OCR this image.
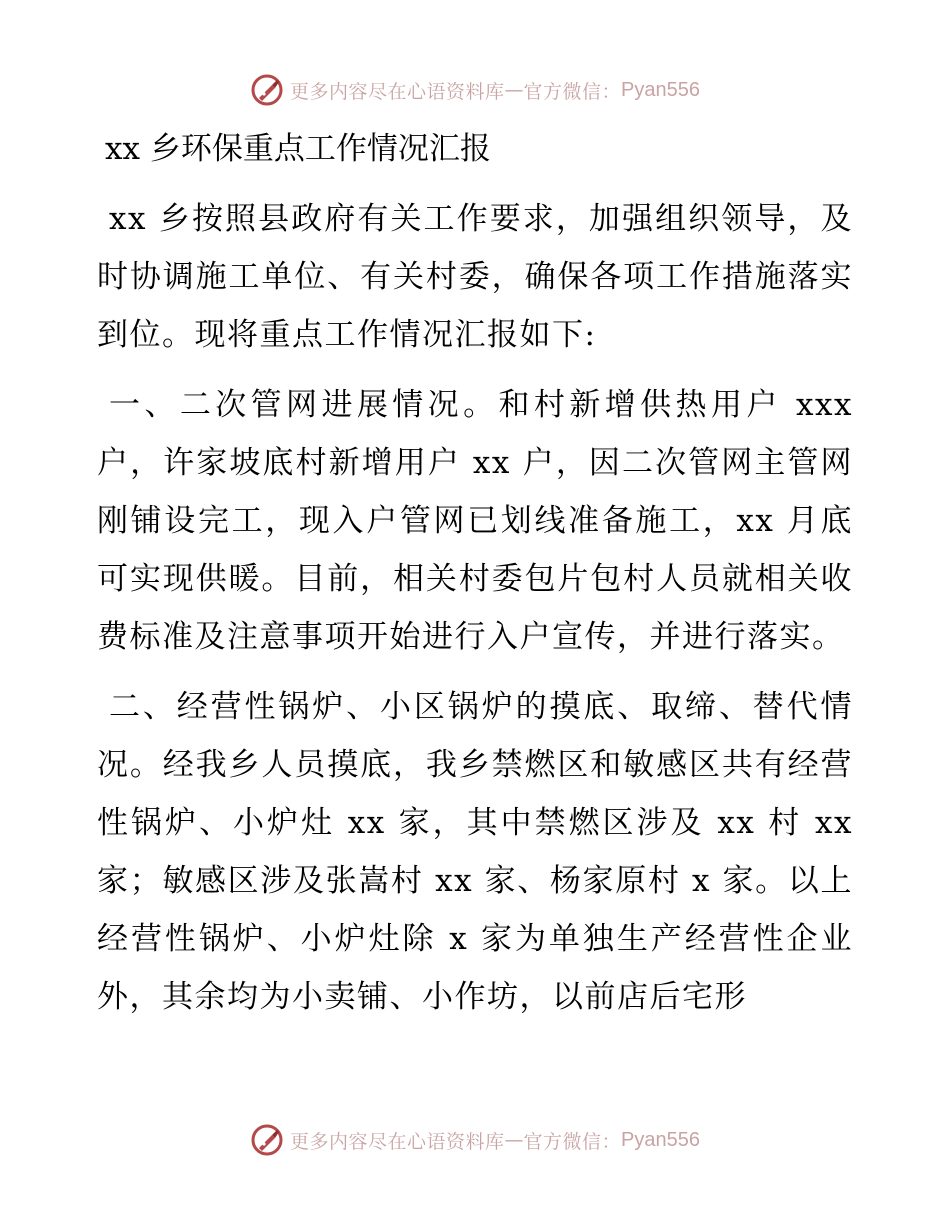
更多内容尽在心语资料库 — 官方微信： Pyan556
xx 乡环保重点工作情况汇报

xx 乡按照县政府有关工作要求，加强组织领导，及时协调施工单位、有关村委，确保各项工作措施落实到位。现将重点工作情况汇报如下:

一、二次管网进展情况。和村新增供热用户 xxx 户，许家坡底村新增用户 xx 户，因二次管网主管网刚铺设完工，现入户管网已划线准备施工，xx 月底可实现供暖。目前，相关村委包片包村人员就相关收费标准及注意事项开始进行入户宣传，并进行落实。

二、经营性锅炉、小区锅炉的摸底、取缔、替代情况。经我乡人员摸底，我乡禁燃区和敏感区共有经营性锅炉、小炉灶 xx 家，其中禁燃区涉及 xx 村 xx 家；敏感区涉及张嵩村 xx 家、杨家原村 x 家。以上经营性锅炉、小炉灶除 x 家为单独生产经营性企业外，其余均为小卖铺、小作坊，以前店后宅形

更多内容尽在心语资料库 — 官方微信： Pyan556
